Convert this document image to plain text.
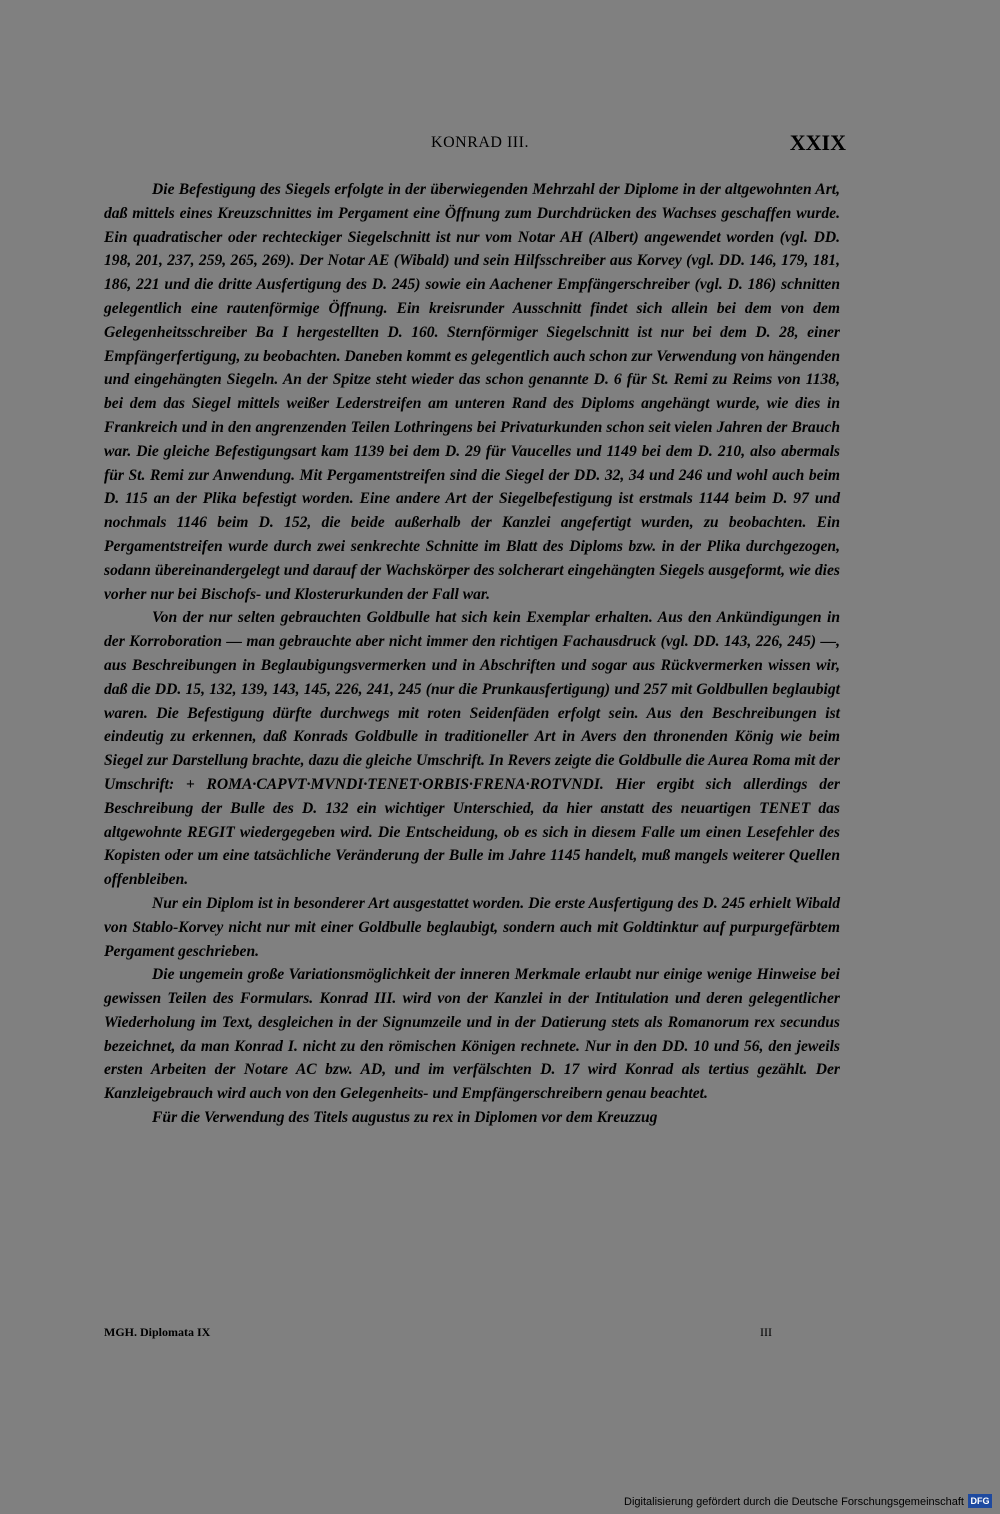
KONRAD III.	XXIX

Die Befestigung des Siegels erfolgte in der überwiegenden Mehrzahl der Diplome in der altgewohnten Art, daß mittels eines Kreuzschnittes im Pergament eine Öffnung zum Durchdrücken des Wachses geschaffen wurde. Ein quadratischer oder rechteckiger Siegelschnitt ist nur vom Notar AH (Albert) angewendet worden (vgl. DD. 198, 201, 237, 259, 265, 269). Der Notar AE (Wibald) und sein Hilfsschreiber aus Korvey (vgl. DD. 146, 179, 181, 186, 221 und die dritte Ausfertigung des D. 245) sowie ein Aachener Empfängerschreiber (vgl. D. 186) schnitten gelegentlich eine rautenförmige Öffnung. Ein kreisrunder Ausschnitt findet sich allein bei dem von dem Gelegenheitsschreiber Ba I hergestellten D. 160. Sternförmiger Siegelschnitt ist nur bei dem D. 28, einer Empfängerfertigung, zu beobachten. Daneben kommt es gelegentlich auch schon zur Verwendung von hängenden und eingehängten Siegeln. An der Spitze steht wieder das schon genannte D. 6 für St. Remi zu Reims von 1138, bei dem das Siegel mittels weißer Lederstreifen am unteren Rand des Diploms angehängt wurde, wie dies in Frankreich und in den angrenzenden Teilen Lothringens bei Privaturkunden schon seit vielen Jahren der Brauch war. Die gleiche Befestigungsart kam 1139 bei dem D. 29 für Vaucelles und 1149 bei dem D. 210, also abermals für St. Remi zur Anwendung. Mit Pergamentstreifen sind die Siegel der DD. 32, 34 und 246 und wohl auch beim D. 115 an der Plika befestigt worden. Eine andere Art der Siegelbefestigung ist erstmals 1144 beim D. 97 und nochmals 1146 beim D. 152, die beide außerhalb der Kanzlei angefertigt wurden, zu beobachten. Ein Pergamentstreifen wurde durch zwei senkrechte Schnitte im Blatt des Diploms bzw. in der Plika durchgezogen, sodann übereinandergelegt und darauf der Wachskörper des solcherart eingehängten Siegels ausgeformt, wie dies vorher nur bei Bischofs- und Klosterurkunden der Fall war.

Von der nur selten gebrauchten Goldbulle hat sich kein Exemplar erhalten. Aus den Ankündigungen in der Korroboration — man gebrauchte aber nicht immer den richtigen Fachausdruck (vgl. DD. 143, 226, 245) —, aus Beschreibungen in Beglaubigungsvermerken und in Abschriften und sogar aus Rückvermerken wissen wir, daß die DD. 15, 132, 139, 143, 145, 226, 241, 245 (nur die Prunkausfertigung) und 257 mit Goldbullen beglaubigt waren. Die Befestigung dürfte durchwegs mit roten Seidenfäden erfolgt sein. Aus den Beschreibungen ist eindeutig zu erkennen, daß Konrads Goldbulle in traditioneller Art in Avers den thronenden König wie beim Siegel zur Darstellung brachte, dazu die gleiche Umschrift. In Revers zeigte die Goldbulle die Aurea Roma mit der Umschrift: + ROMA·CAPVT·MVNDI·TENET·ORBIS·FRENA·ROTVNDI. Hier ergibt sich allerdings der Beschreibung der Bulle des D. 132 ein wichtiger Unterschied, da hier anstatt des neuartigen TENET das altgewohnte REGIT wiedergegeben wird. Die Entscheidung, ob es sich in diesem Falle um einen Lesefehler des Kopisten oder um eine tatsächliche Veränderung der Bulle im Jahre 1145 handelt, muß mangels weiterer Quellen offenbleiben.

Nur ein Diplom ist in besonderer Art ausgestattet worden. Die erste Ausfertigung des D. 245 erhielt Wibald von Stablo-Korvey nicht nur mit einer Goldbulle beglaubigt, sondern auch mit Goldtinktur auf purpurgefärbtem Pergament geschrieben.

Die ungemein große Variationsmöglichkeit der inneren Merkmale erlaubt nur einige wenige Hinweise bei gewissen Teilen des Formulars. Konrad III. wird von der Kanzlei in der Intitulation und deren gelegentlicher Wiederholung im Text, desgleichen in der Signumzeile und in der Datierung stets als Romanorum rex secundus bezeichnet, da man Konrad I. nicht zu den römischen Königen rechnete. Nur in den DD. 10 und 56, den jeweils ersten Arbeiten der Notare AC bzw. AD, und im verfälschten D. 17 wird Konrad als tertius gezählt. Der Kanzleigebrauch wird auch von den Gelegenheits- und Empfängerschreibern genau beachtet.

Für die Verwendung des Titels augustus zu rex in Diplomen vor dem Kreuzzug

MGH. Diplomata IX	III
Digitalisierung gefördert durch die Deutsche Forschungsgemeinschaft DFG
